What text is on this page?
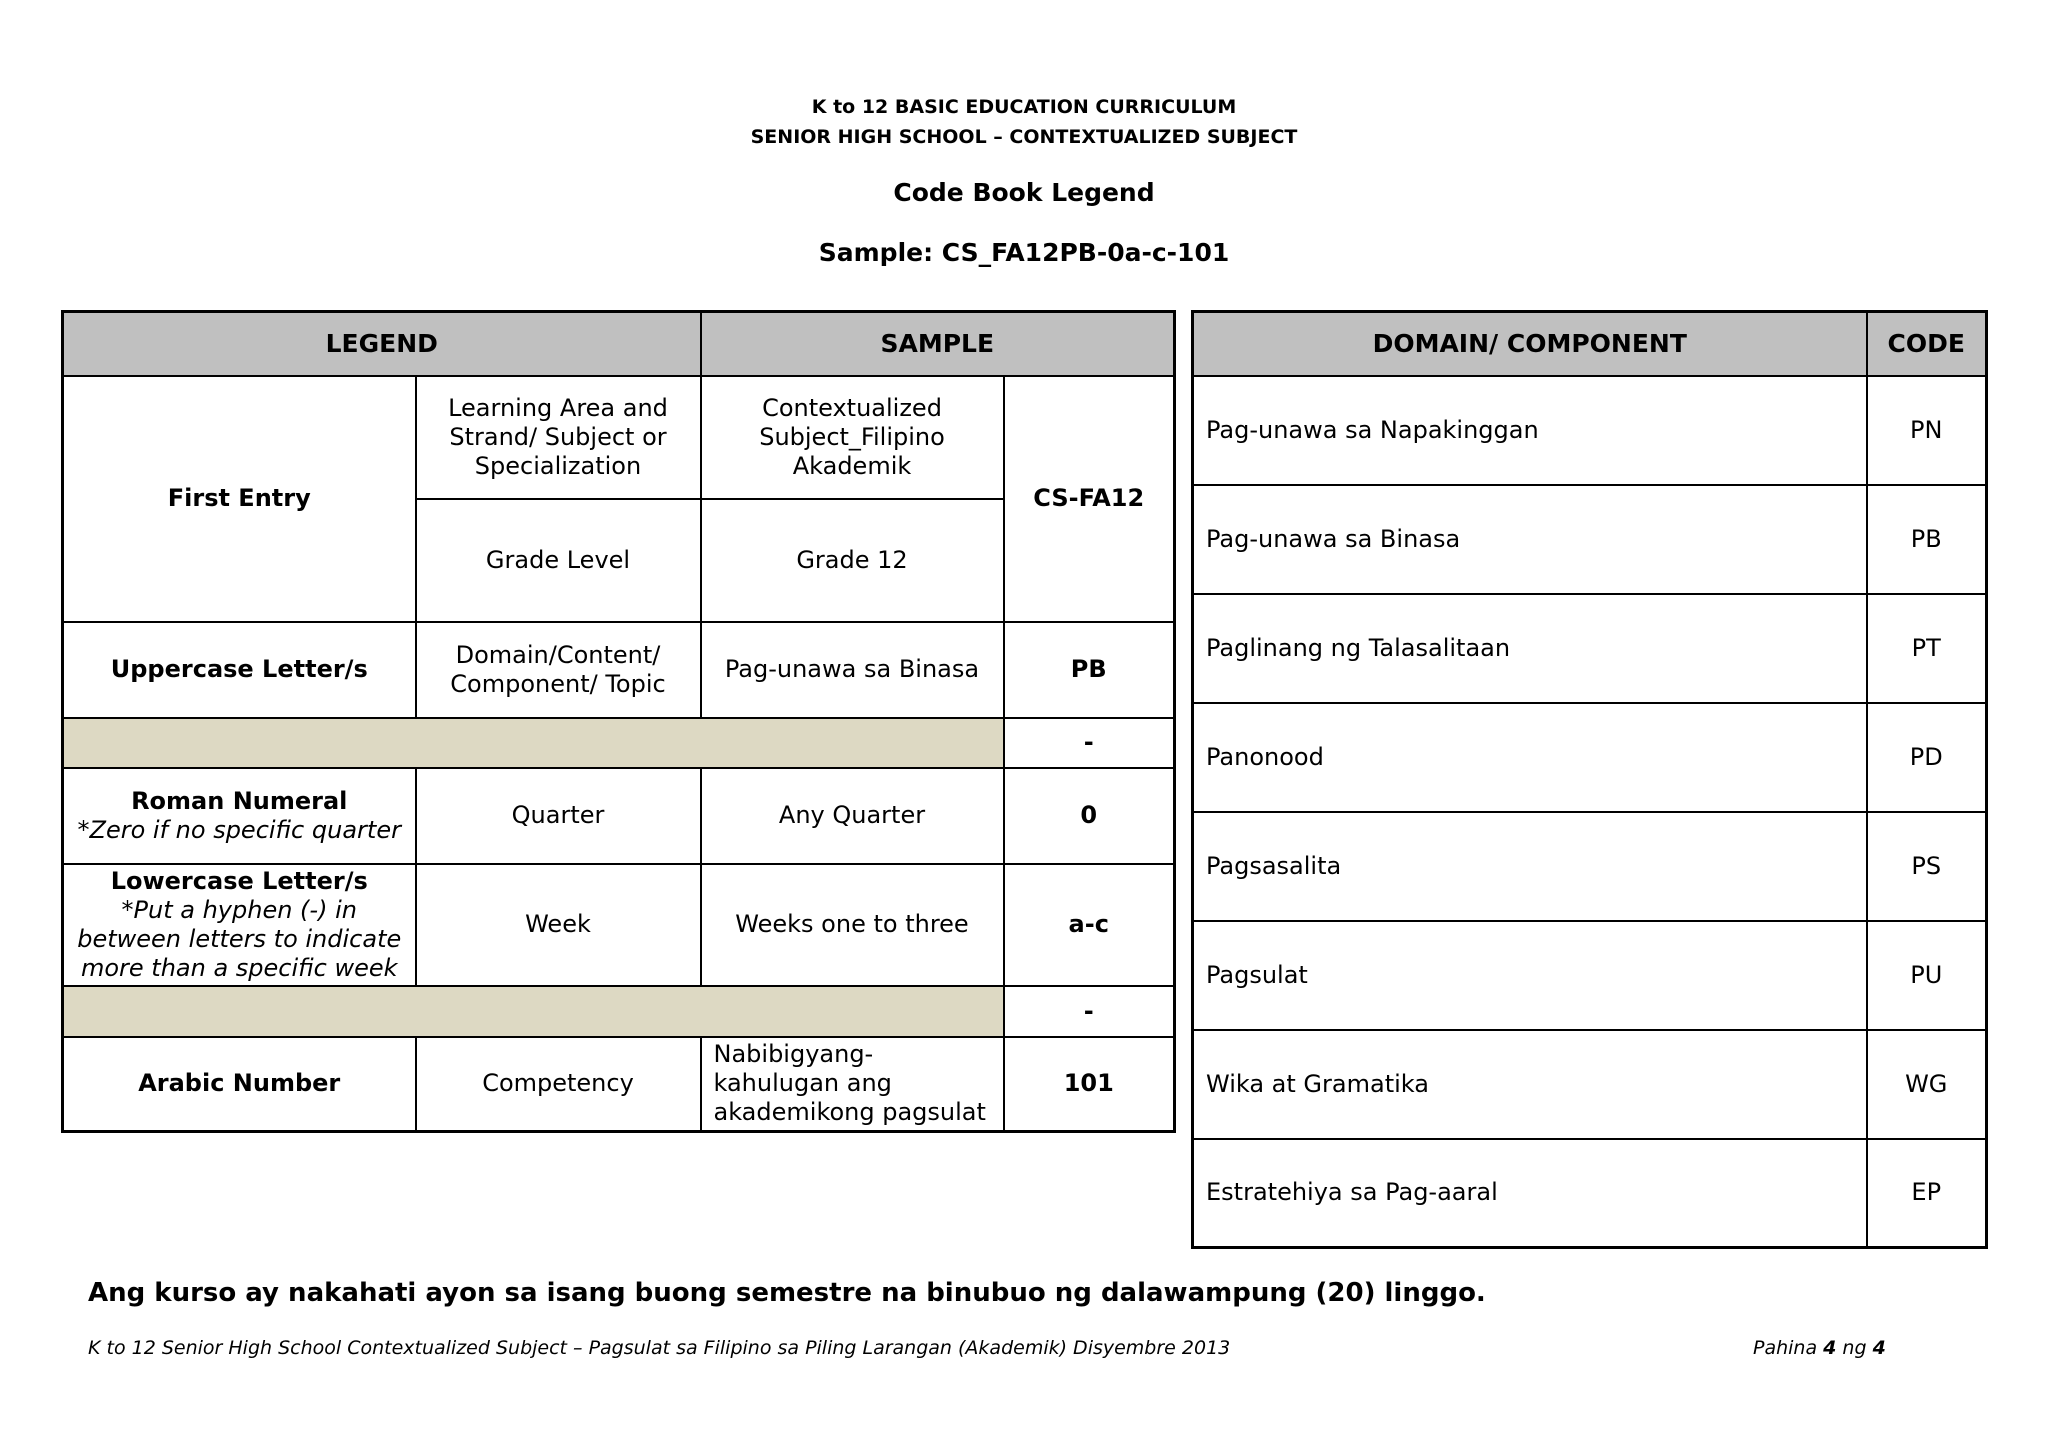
K to 12 BASIC EDUCATION CURRICULUM
SENIOR HIGH SCHOOL – CONTEXTUALIZED SUBJECT
Code Book Legend
Sample: CS_FA12PB-0a-c-101
LEGEND		SAMPLE	
First Entry	Learning Area and Strand/ Subject or Specialization	Contextualized Subject_Filipino Akademik	CS-FA12
	Grade Level	Grade 12	
Uppercase Letter/s	Domain/Content/ Component/ Topic	Pag-unawa sa Binasa	PB
			-

Roman Numeral
*Zero if no specific quarter	Quarter	Any Quarter	0

Lowercase Letter/s
*Put a hyphen (-) in between letters to indicate more than a specific week	Week	Weeks one to three	a-c
			-
Arabic Number	Competency	Nabibigyang-kahulugan ang akademikong pagsulat	101
DOMAIN/ COMPONENT	CODE
Pag-unawa sa Napakinggan	PN
Pag-unawa sa Binasa	PB
Paglinang ng Talasalitaan	PT
Panonood	PD
Pagsasalita	PS
Pagsulat	PU
Wika at Gramatika	WG
Estratehiya sa Pag-aaral	EP
Ang kurso ay nakahati ayon sa isang buong semestre na binubuo ng dalawampung (20) linggo.
K to 12 Senior High School Contextualized Subject – Pagsulat sa Filipino sa Piling Larangan (Akademik) Disyembre 2013	Pahina 4 ng 4
